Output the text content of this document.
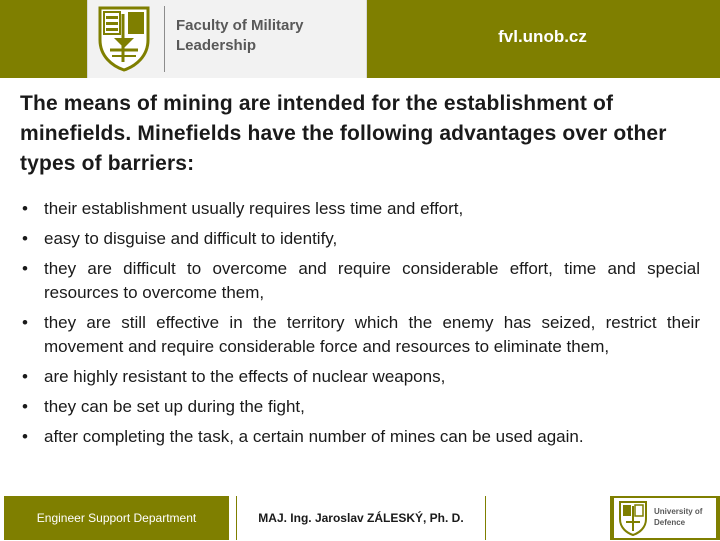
Faculty of Military Leadership	fvl.unob.cz
The means of mining are intended for the establishment of minefields. Minefields have the following advantages over other types of barriers:
• their establishment usually requires less time and effort,
• easy to disguise and difficult to identify,
• they are difficult to overcome and require considerable effort, time and special resources to overcome them,
• they are still effective in the territory which the enemy has seized, restrict their movement and require considerable force and resources to eliminate them,
• are highly resistant to the effects of nuclear weapons,
• they can be set up during the fight,
• after completing the task, a certain number of mines can be used again.
Engineer Support Department	MAJ. Ing. Jaroslav ZÁLESKÝ, Ph. D.	University of Defence
